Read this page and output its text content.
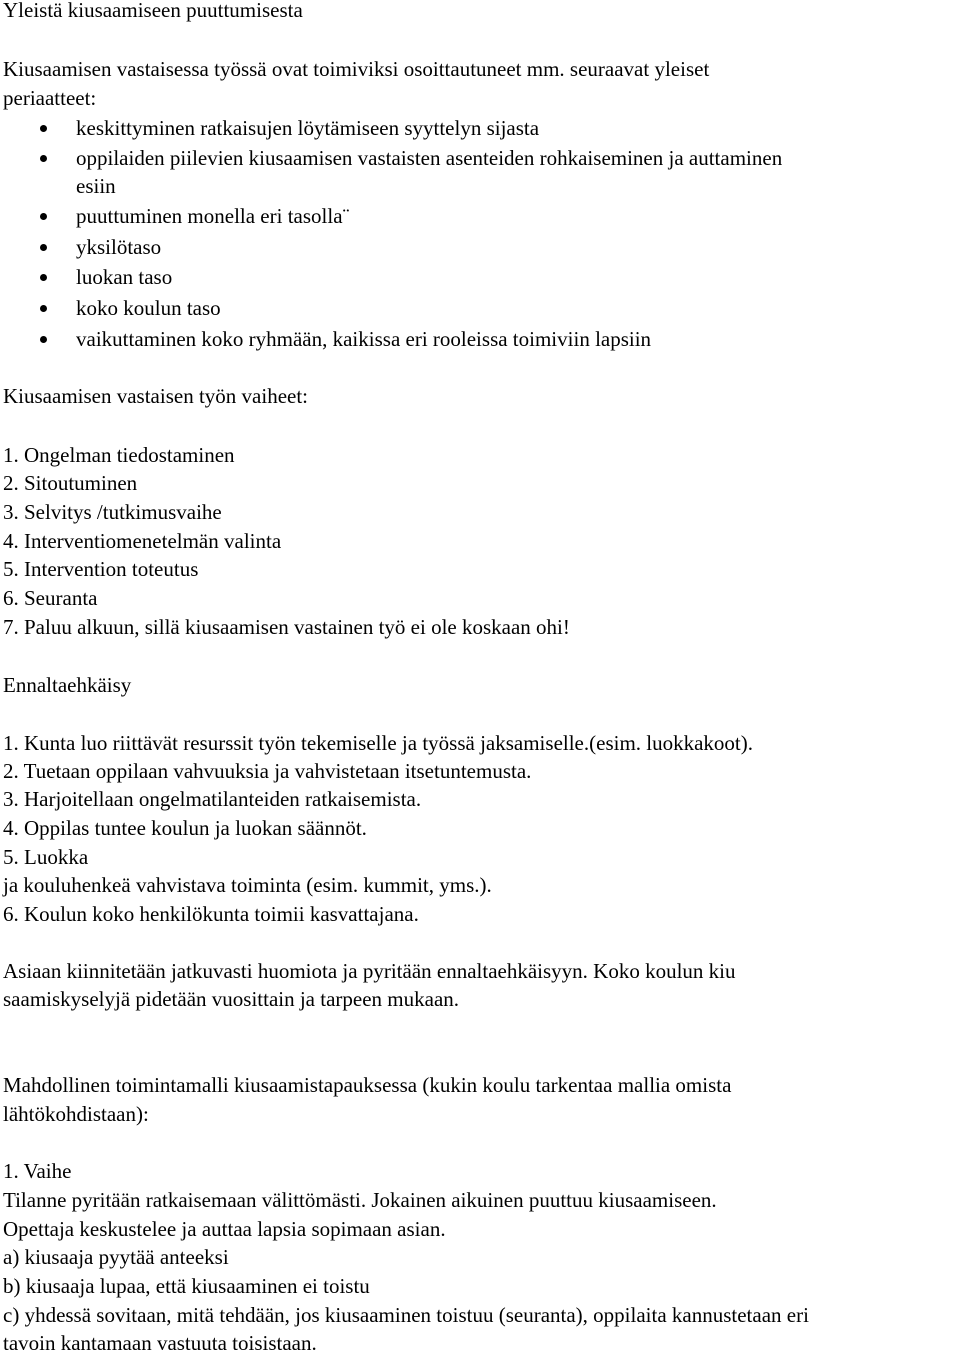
Yleistä kiusaamiseen puuttumisesta
Kiusaamisen vastaisessa työssä ovat toimiviksi osoittautuneet mm. seuraavat yleiset
periaatteet:
keskittyminen ratkaisujen löytämiseen syyttelyn sijasta
oppilaiden piilevien kiusaamisen vastaisten asenteiden rohkaiseminen ja auttaminen
esiin
puuttuminen monella eri tasolla¨
yksilötaso
luokan taso
koko koulun taso
vaikuttaminen koko ryhmään, kaikissa eri rooleissa toimiviin lapsiin
Kiusaamisen vastaisen työn vaiheet:
1. Ongelman tiedostaminen
2. Sitoutuminen
3. Selvitys /tutkimusvaihe
4. Interventiomenetelmän valinta
5. Intervention toteutus
6. Seuranta
7. Paluu alkuun, sillä kiusaamisen vastainen työ ei ole koskaan ohi!
Ennaltaehkäisy
1. Kunta luo riittävät resurssit työn tekemiselle ja työssä jaksamiselle.(esim. luokkakoot).
2. Tuetaan oppilaan vahvuuksia ja vahvistetaan itsetuntemusta.
3. Harjoitellaan ongelmatilanteiden ratkaisemista.
4. Oppilas tuntee koulun ja luokan säännöt.
5. Luokka
ja kouluhenkeä vahvistava toiminta (esim. kummit, yms.).
6. Koulun koko henkilökunta toimii kasvattajana.
Asiaan kiinnitetään jatkuvasti huomiota ja pyritään ennaltaehkäisyyn. Koko koulun kiu
saamiskyselyjä pidetään vuosittain ja tarpeen mukaan.
Mahdollinen toimintamalli kiusaamistapauksessa (kukin koulu tarkentaa mallia omista
lähtökohdistaan):
1. Vaihe
Tilanne pyritään ratkaisemaan välittömästi. Jokainen aikuinen puuttuu kiusaamiseen.
Opettaja keskustelee ja auttaa lapsia sopimaan asian.
a) kiusaaja pyytää anteeksi
b) kiusaaja lupaa, että kiusaaminen ei toistu
c) yhdessä sovitaan, mitä tehdään, jos kiusaaminen toistuu (seuranta), oppilaita kannustetaan eri
tavoin kantamaan vastuuta toisistaan.
